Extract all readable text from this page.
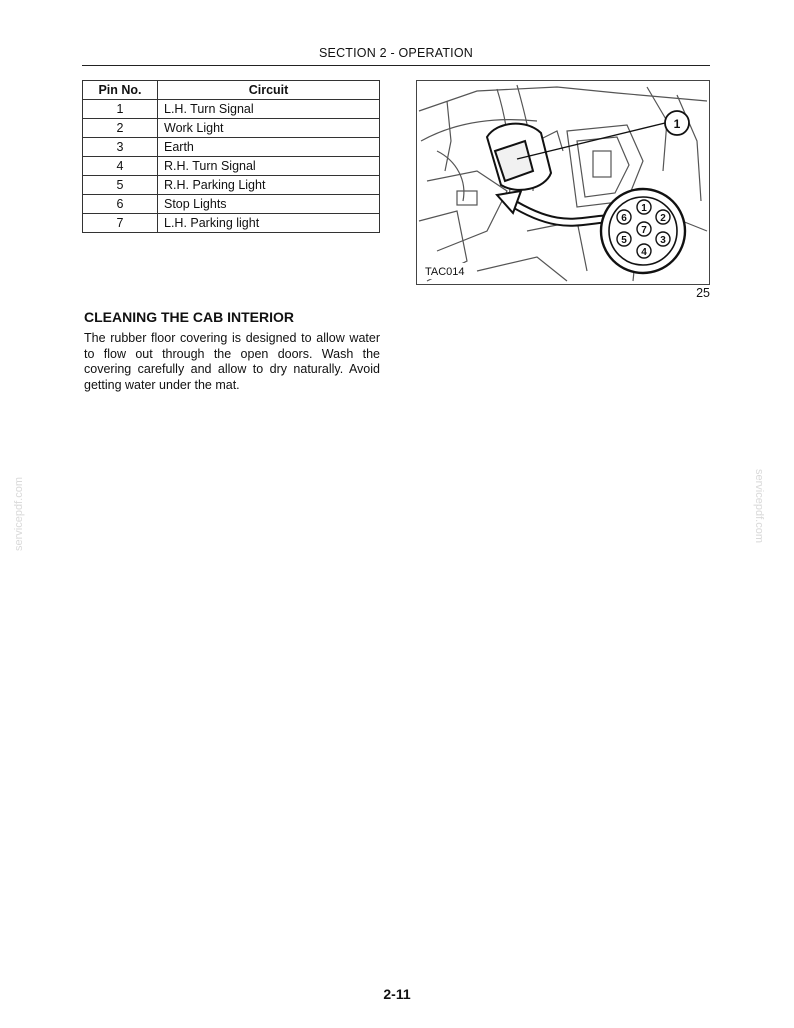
SECTION 2 - OPERATION
Pin No.	Circuit
1	L.H. Turn Signal
2	Work Light
3	Earth
4	R.H. Turn Signal
5	R.H. Parking Light
6	Stop Lights
7	L.H. Parking light
1
1
2
3
4
5
6
7
TAC014
25
CLEANING THE CAB INTERIOR

The rubber floor covering is designed to allow water to flow out through the open doors. Wash the covering carefully and allow to dry naturally. Avoid getting water under the mat.

servicepdf.com	servicepdf.com
2-11
